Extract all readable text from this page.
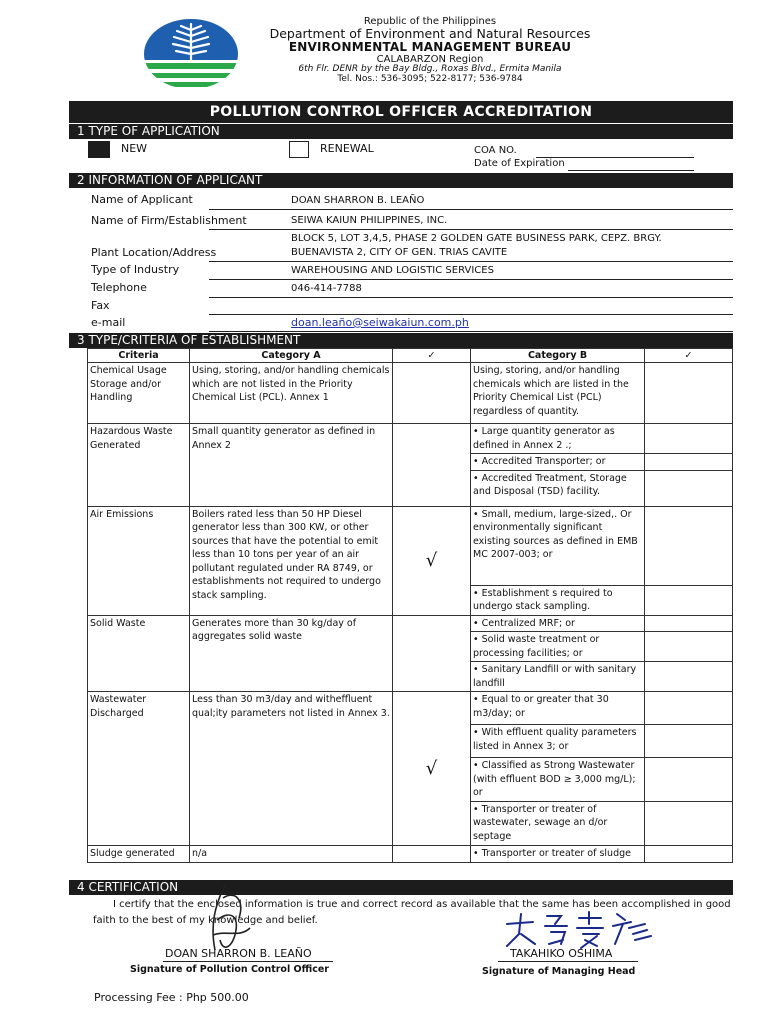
Republic of the Philippines
Department of Environment and Natural Resources
ENVIRONMENTAL MANAGEMENT BUREAU
CALABARZON Region
6th Flr. DENR by the Bay Bldg., Roxas Blvd., Ermita Manila
Tel. Nos.: 536-3095; 522-8177; 536-9784
POLLUTION CONTROL OFFICER ACCREDITATION
1 TYPE OF APPLICATION
NEW	RENEWAL	COA NO.
Date of Expiration
2 INFORMATION OF APPLICANT
Name of Applicant	DOAN SHARRON B. LEAÑO
Name of Firm/Establishment	SEIWA KAIUN PHILIPPINES, INC.
BLOCK 5, LOT 3,4,5, PHASE 2 GOLDEN GATE BUSINESS PARK, CEPZ. BRGY.
Plant Location/Address	BUENAVISTA 2, CITY OF GEN. TRIAS CAVITE
Type of Industry	WAREHOUSING AND LOGISTIC SERVICES
Telephone	046-414-7788
Fax
e-mail	doan.leaño@seiwakaiun.com.ph
3 TYPE/CRITERIA OF ESTABLISHMENT
Criteria	Category A	✓	Category B	✓
Chemical Usage Storage and/or Handling	Using, storing, and/or handling chemicals which are not listed in the Priority Chemical List (PCL). Annex 1		Using, storing, and/or handling chemicals which are listed in the Priority Chemical List (PCL) regardless of quantity.	
Hazardous Waste Generated	Small quantity generator as defined in Annex 2		• Large quantity generator as defined in Annex 2 .;	
			• Accredited Transporter; or	
			• Accredited Treatment, Storage and Disposal (TSD) facility.	
Air Emissions	Boilers rated less than 50 HP Diesel generator less than 300 KW, or other sources that have the potential to emit less than 10 tons per year of an air pollutant regulated under RA 8749, or establishments not required to undergo stack sampling.	√	• Small, medium, large-sized,. Or environmentally significant existing sources as defined in EMB MC 2007-003; or	
			• Establishment s required to undergo stack sampling.	
Solid Waste	Generates more than 30 kg/day of aggregates solid waste		• Centralized MRF; or	
			• Solid waste treatment or processing facilities; or	
			• Sanitary Landfill or with sanitary landfill	
Wastewater Discharged	Less than 30 m3/day and witheffluent qual;ity parameters not listed in Annex 3.	√	• Equal to or greater that 30 m3/day; or	
			• With effluent quality parameters listed in Annex 3; or	
			• Classified as Strong Wastewater (with effluent BOD ≥ 3,000 mg/L); or	
			• Transporter or treater of wastewater, sewage an d/or septage	
Sludge generated	n/a		• Transporter or treater of sludge	
4 CERTIFICATION
I certify that the enclosed information is true and correct record as available that the same has been accomplished in good faith to the best of my knowledge and belief.
DOAN SHARRON B. LEAÑO
Signature of Pollution Control Officer
TAKAHIKO OSHIMA
Signature of Managing Head
Processing Fee : Php 500.00
